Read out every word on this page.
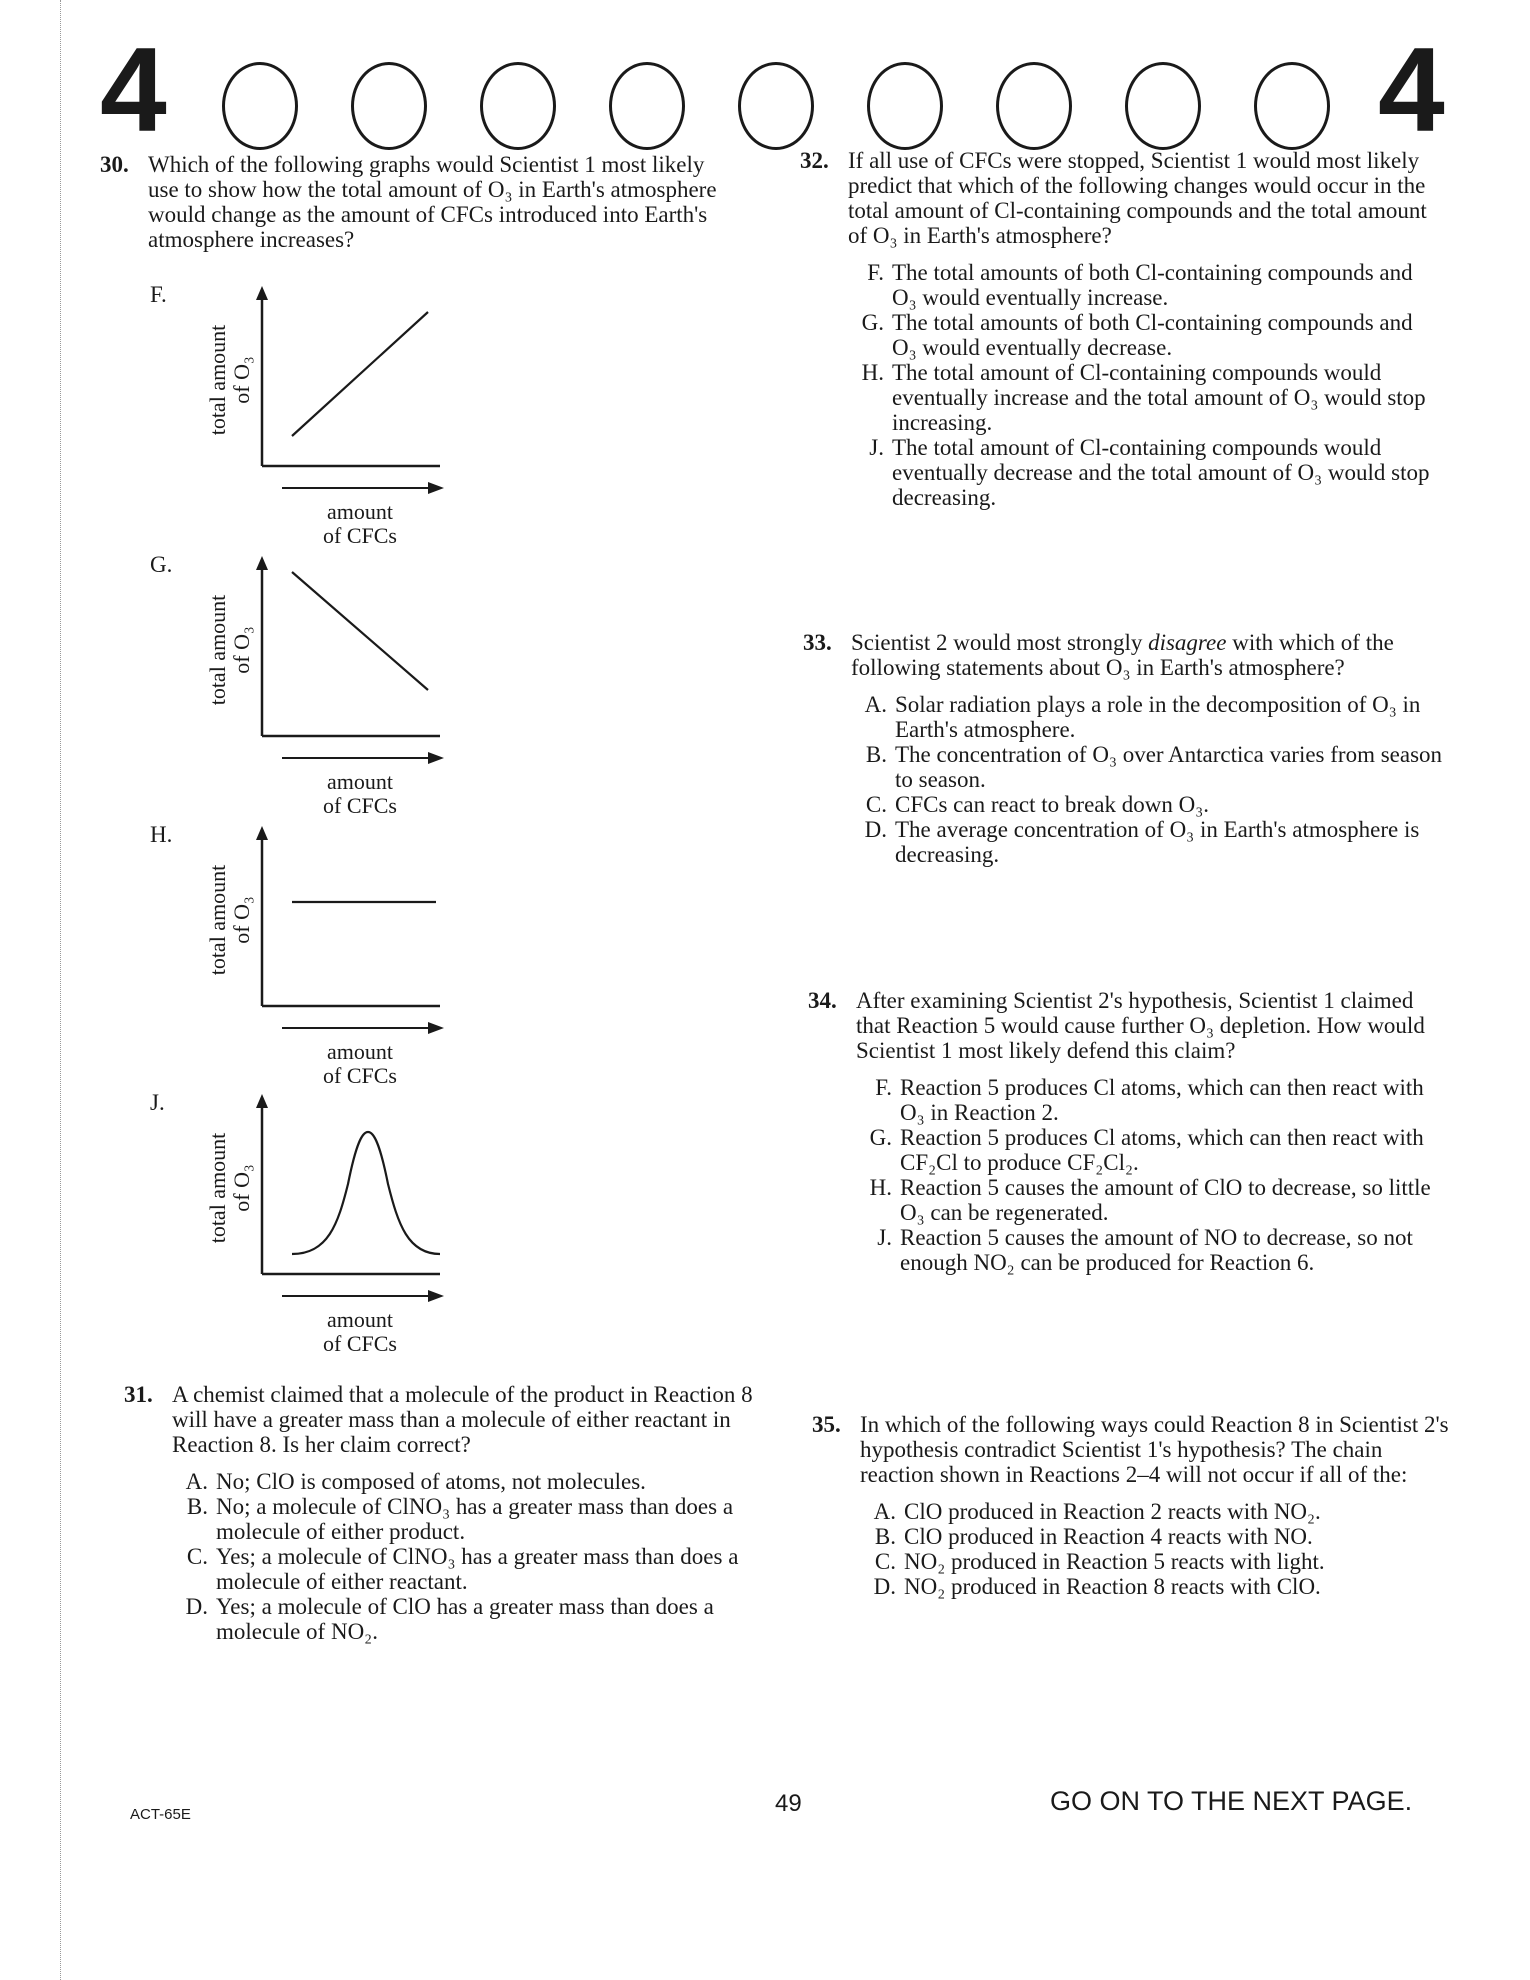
4	4
30. Which of the following graphs would Scientist 1 most likely use to show how the total amount of O₃ in Earth's atmosphere would change as the amount of CFCs introduced into Earth's atmosphere increases?
F.
total amount of O₃
amount
of CFCs
G.
total amount of O₃
amount
of CFCs
H.
total amount of O₃
amount
of CFCs
J.
total amount of O₃
amount
of CFCs
31. A chemist claimed that a molecule of the product in Reaction 8 will have a greater mass than a molecule of either reactant in Reaction 8. Is her claim correct?
A. No; ClO is composed of atoms, not molecules.
B. No; a molecule of ClNO₃ has a greater mass than does a molecule of either product.
C. Yes; a molecule of ClNO₃ has a greater mass than does a molecule of either reactant.
D. Yes; a molecule of ClO has a greater mass than does a molecule of NO₂.
32. If all use of CFCs were stopped, Scientist 1 would most likely predict that which of the following changes would occur in the total amount of Cl-containing compounds and the total amount of O₃ in Earth's atmosphere?
F. The total amounts of both Cl-containing compounds and O₃ would eventually increase.
G. The total amounts of both Cl-containing compounds and O₃ would eventually decrease.
H. The total amount of Cl-containing compounds would eventually increase and the total amount of O₃ would stop increasing.
J. The total amount of Cl-containing compounds would eventually decrease and the total amount of O₃ would stop decreasing.
33. Scientist 2 would most strongly disagree with which of the following statements about O₃ in Earth's atmosphere?
A. Solar radiation plays a role in the decomposition of O₃ in Earth's atmosphere.
B. The concentration of O₃ over Antarctica varies from season to season.
C. CFCs can react to break down O₃.
D. The average concentration of O₃ in Earth's atmosphere is decreasing.
34. After examining Scientist 2's hypothesis, Scientist 1 claimed that Reaction 5 would cause further O₃ depletion. How would Scientist 1 most likely defend this claim?
F. Reaction 5 produces Cl atoms, which can then react with O₃ in Reaction 2.
G. Reaction 5 produces Cl atoms, which can then react with CF₂Cl to produce CF₂Cl₂.
H. Reaction 5 causes the amount of ClO to decrease, so little O₃ can be regenerated.
J. Reaction 5 causes the amount of NO to decrease, so not enough NO₂ can be produced for Reaction 6.
35. In which of the following ways could Reaction 8 in Scientist 2's hypothesis contradict Scientist 1's hypothesis? The chain reaction shown in Reactions 2–4 will not occur if all of the:
A. ClO produced in Reaction 2 reacts with NO₂.
B. ClO produced in Reaction 4 reacts with NO.
C. NO₂ produced in Reaction 5 reacts with light.
D. NO₂ produced in Reaction 8 reacts with ClO.
ACT-65E	49	GO ON TO THE NEXT PAGE.
